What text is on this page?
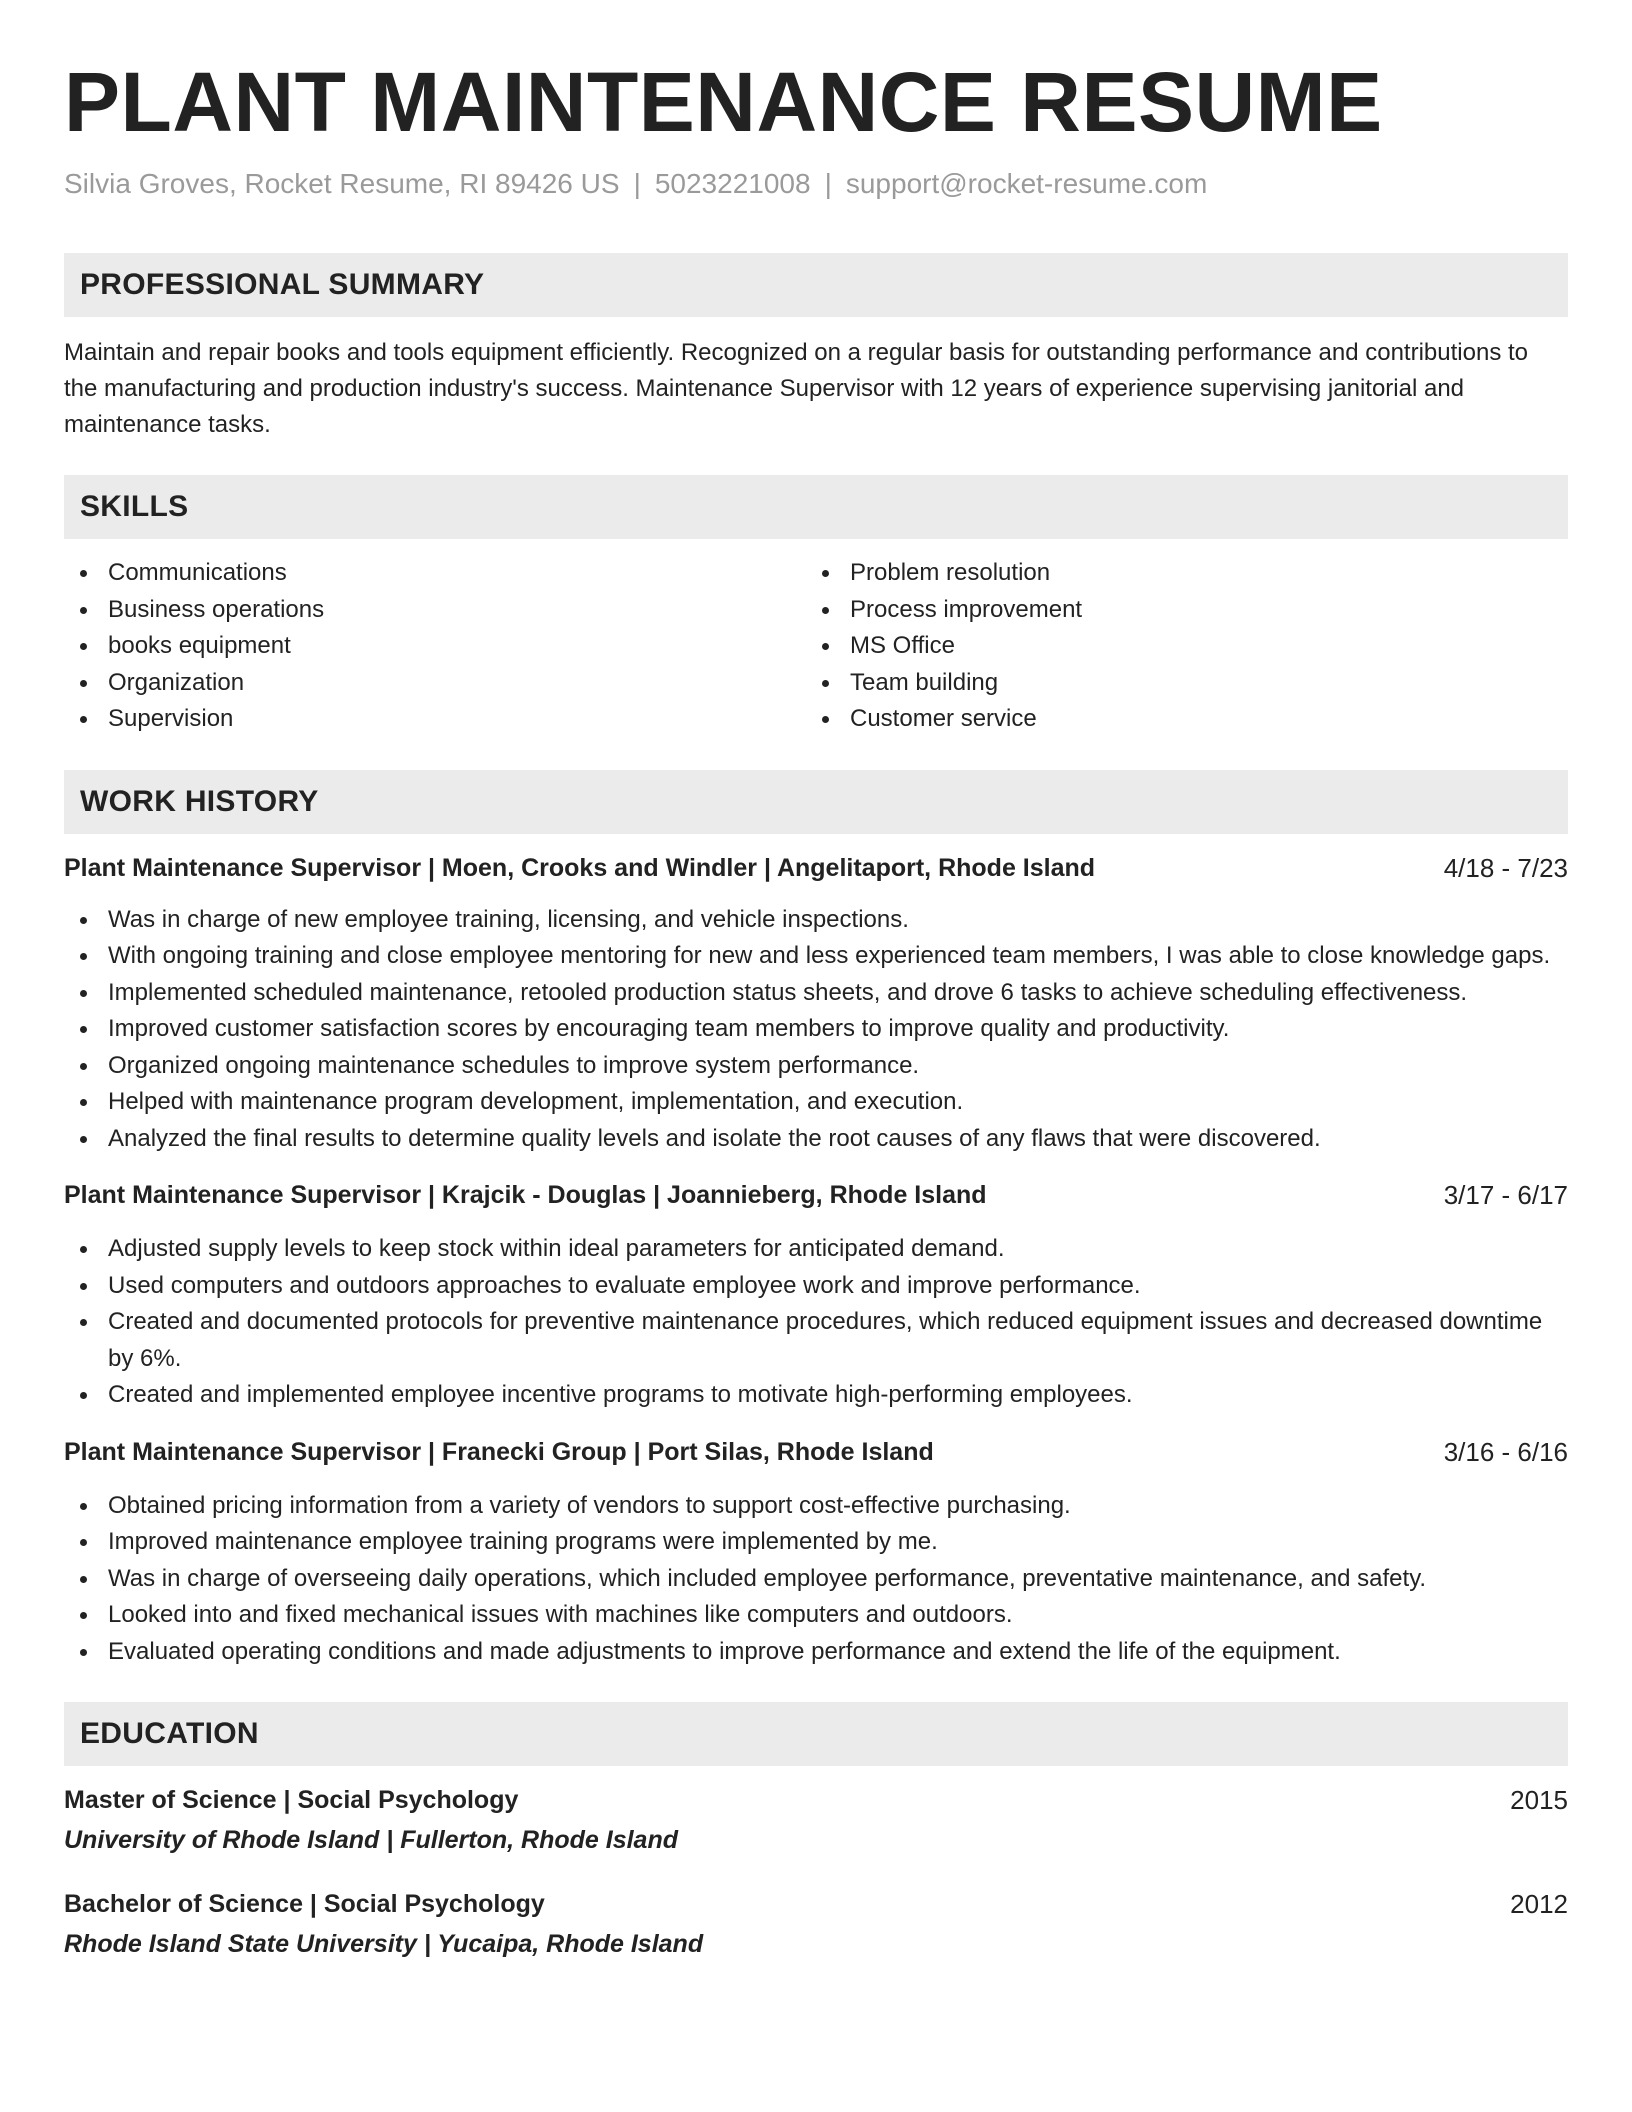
PLANT MAINTENANCE RESUME
Silvia Groves, Rocket Resume, RI 89426 US | 5023221008 | support@rocket-resume.com
PROFESSIONAL SUMMARY
Maintain and repair books and tools equipment efficiently. Recognized on a regular basis for outstanding performance and contributions to the manufacturing and production industry's success. Maintenance Supervisor with 12 years of experience supervising janitorial and maintenance tasks.
SKILLS
Communications
Business operations
books equipment
Organization
Supervision
Problem resolution
Process improvement
MS Office
Team building
Customer service
WORK HISTORY
Plant Maintenance Supervisor | Moen, Crooks and Windler | Angelitaport, Rhode Island	4/18 - 7/23
Was in charge of new employee training, licensing, and vehicle inspections.
With ongoing training and close employee mentoring for new and less experienced team members, I was able to close knowledge gaps.
Implemented scheduled maintenance, retooled production status sheets, and drove 6 tasks to achieve scheduling effectiveness.
Improved customer satisfaction scores by encouraging team members to improve quality and productivity.
Organized ongoing maintenance schedules to improve system performance.
Helped with maintenance program development, implementation, and execution.
Analyzed the final results to determine quality levels and isolate the root causes of any flaws that were discovered.
Plant Maintenance Supervisor | Krajcik - Douglas | Joannieberg, Rhode Island	3/17 - 6/17
Adjusted supply levels to keep stock within ideal parameters for anticipated demand.
Used computers and outdoors approaches to evaluate employee work and improve performance.
Created and documented protocols for preventive maintenance procedures, which reduced equipment issues and decreased downtime by 6%.
Created and implemented employee incentive programs to motivate high-performing employees.
Plant Maintenance Supervisor | Franecki Group | Port Silas, Rhode Island	3/16 - 6/16
Obtained pricing information from a variety of vendors to support cost-effective purchasing.
Improved maintenance employee training programs were implemented by me.
Was in charge of overseeing daily operations, which included employee performance, preventative maintenance, and safety.
Looked into and fixed mechanical issues with machines like computers and outdoors.
Evaluated operating conditions and made adjustments to improve performance and extend the life of the equipment.
EDUCATION
Master of Science | Social Psychology	2015
University of Rhode Island | Fullerton, Rhode Island
Bachelor of Science | Social Psychology	2012
Rhode Island State University | Yucaipa, Rhode Island
